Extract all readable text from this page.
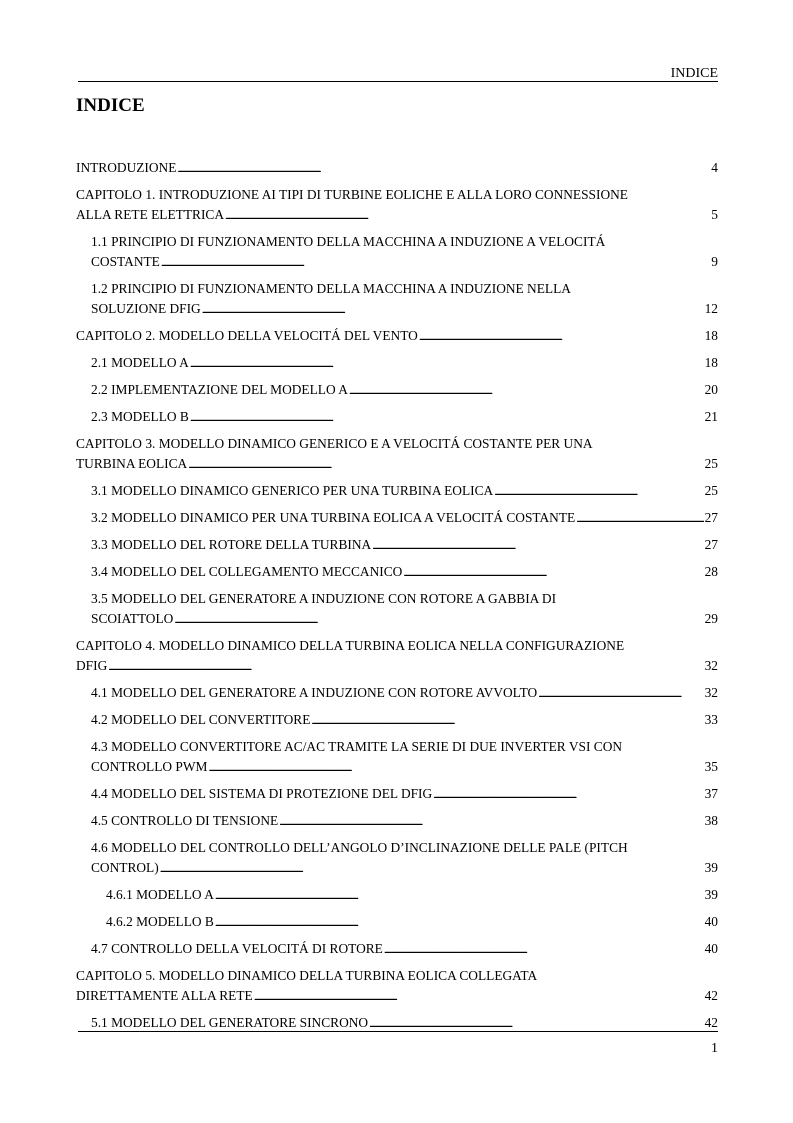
INDICE
INDICE
INTRODUZIONE . . .	4
CAPITOLO 1. INTRODUZIONE AI TIPI DI TURBINE EOLICHE E ALLA LORO CONNESSIONE
ALLA RETE ELETTRICA . . .	5
1.1 PRINCIPIO DI FUNZIONAMENTO DELLA MACCHINA A INDUZIONE A VELOCITÁ
COSTANTE . . .	9
1.2 PRINCIPIO DI FUNZIONAMENTO DELLA MACCHINA A INDUZIONE NELLA
SOLUZIONE DFIG . . .	12
CAPITOLO 2. MODELLO DELLA VELOCITÁ DEL VENTO . . .	18
2.1 MODELLO A . . .	18
2.2 IMPLEMENTAZIONE DEL MODELLO A . . .	20
2.3 MODELLO B . . .	21
CAPITOLO 3. MODELLO DINAMICO GENERICO E A VELOCITÁ COSTANTE PER UNA
TURBINA EOLICA . . .	25
3.1 MODELLO DINAMICO GENERICO PER UNA TURBINA EOLICA . . .	25
3.2 MODELLO DINAMICO PER UNA TURBINA EOLICA A VELOCITÁ COSTANTE . . .	27
3.3 MODELLO DEL ROTORE DELLA TURBINA . . .	27
3.4 MODELLO DEL COLLEGAMENTO MECCANICO . . .	28
3.5 MODELLO DEL GENERATORE A INDUZIONE CON ROTORE A GABBIA DI
SCOIATTOLO . . .	29
CAPITOLO 4. MODELLO DINAMICO DELLA TURBINA EOLICA NELLA CONFIGURAZIONE
DFIG . . .	32
4.1 MODELLO DEL GENERATORE A INDUZIONE CON ROTORE AVVOLTO . . .	32
4.2 MODELLO DEL CONVERTITORE . . .	33
4.3 MODELLO CONVERTITORE AC/AC TRAMITE LA SERIE DI DUE INVERTER VSI CON
CONTROLLO PWM . . .	35
4.4 MODELLO DEL SISTEMA DI PROTEZIONE DEL DFIG . . .	37
4.5 CONTROLLO DI TENSIONE . . .	38
4.6 MODELLO DEL CONTROLLO DELL’ANGOLO D’INCLINAZIONE DELLE PALE (PITCH
CONTROL) . . .	39
4.6.1 MODELLO A . . .	39
4.6.2 MODELLO B . . .	40
4.7 CONTROLLO DELLA VELOCITÁ DI ROTORE . . .	40
CAPITOLO 5. MODELLO DINAMICO DELLA TURBINA EOLICA COLLEGATA
DIRETTAMENTE ALLA RETE . . .	42
5.1 MODELLO DEL GENERATORE SINCRONO . . .	42
1
